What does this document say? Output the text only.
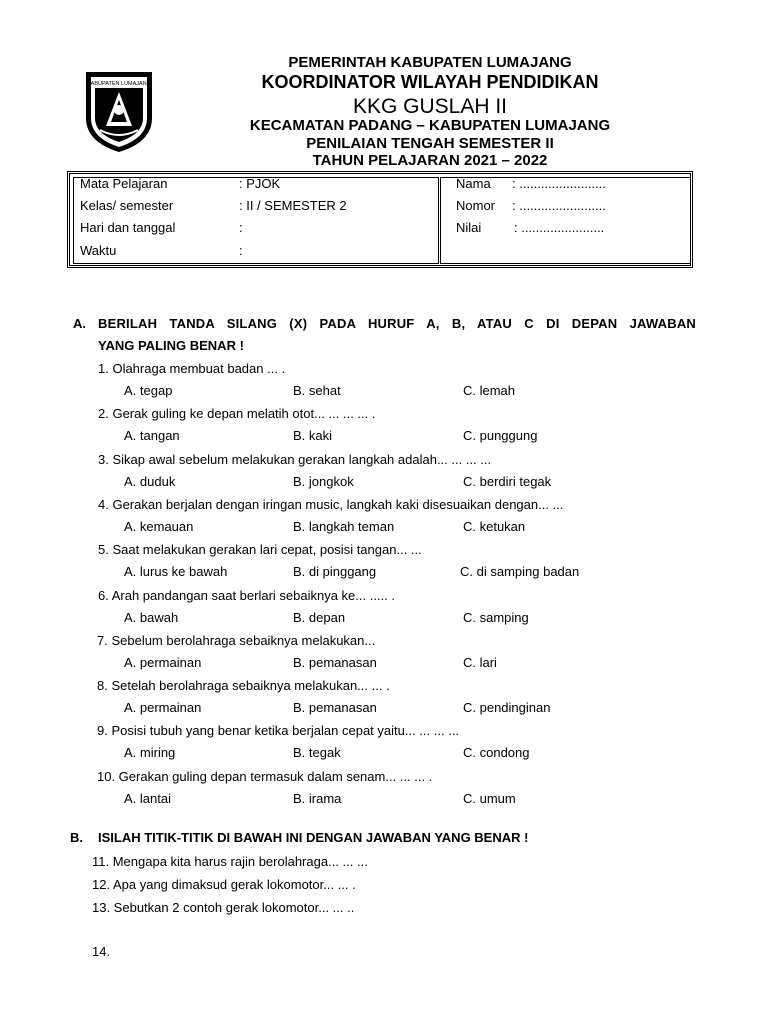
KABUPATEN LUMAJANG
PEMERINTAH KABUPATEN LUMAJANG
KOORDINATOR WILAYAH PENDIDIKAN
KKG GUSLAH II
KECAMATAN PADANG – KABUPATEN LUMAJANG
PENILAIAN TENGAH SEMESTER II
TAHUN PELAJARAN 2021 – 2022
Mata Pelajaran	: PJOK
Kelas/ semester	: II / SEMESTER 2
Hari dan tanggal	:
Waktu	:
Nama : ........................
Nomor : ........................
Nilai	: .......................
A. BERILAH TANDA SILANG (X) PADA HURUF A, B, ATAU C DI DEPAN JAWABAN
YANG PALING BENAR !
1. Olahraga membuat badan ... .
A. tegap	B. sehat	C. lemah
2. Gerak guling ke depan melatih otot... ... ... ... .
A. tangan	B. kaki	C. punggung
3. Sikap awal sebelum melakukan gerakan langkah adalah... ... ... ...
A. duduk	B. jongkok	C. berdiri tegak
4. Gerakan berjalan dengan iringan music, langkah kaki disesuaikan dengan... ...
A. kemauan	B. langkah teman	C. ketukan
5. Saat melakukan gerakan lari cepat, posisi tangan... ...
A. lurus ke bawah	B. di pinggang	C. di samping badan
6. Arah pandangan saat berlari sebaiknya ke... ..... .
A. bawah	B. depan	C. samping
7. Sebelum berolahraga sebaiknya melakukan...
A. permainan	B. pemanasan	C. lari
8. Setelah berolahraga sebaiknya melakukan... ... .
A. permainan	B. pemanasan	C. pendinginan
9. Posisi tubuh yang benar ketika berjalan cepat yaitu... ... ... ...
A. miring	B. tegak	C. condong
10. Gerakan guling depan termasuk dalam senam... ... ... .
A. lantai	B. irama	C. umum
B. ISILAH TITIK-TITIK DI BAWAH INI DENGAN JAWABAN YANG BENAR !
11. Mengapa kita harus rajin berolahraga... ... ...
12. Apa yang dimaksud gerak lokomotor... ... .
13. Sebutkan 2 contoh gerak lokomotor... ... ..
14.
